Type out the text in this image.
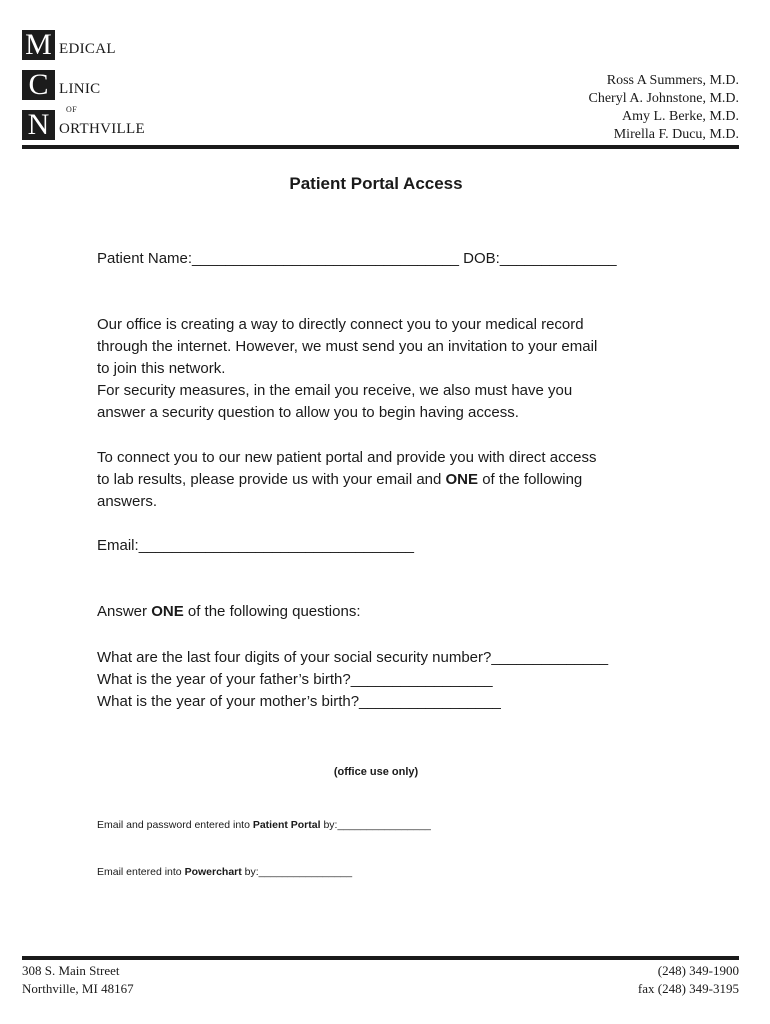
M EDICAL
C LINIC
OF
N ORTHVILLE
Ross A Summers, M.D.
Cheryl A. Johnstone, M.D.
Amy L. Berke, M.D.
Mirella F. Ducu, M.D.
Patient Portal Access
Patient Name:________________________________ DOB:______________
Our office is creating a way to directly connect you to your medical record
through the internet. However, we must send you an invitation to your email
to join this network.
For security measures, in the email you receive, we also must have you
answer a security question to allow you to begin having access.
To connect you to our new patient portal and provide you with direct access
to lab results, please provide us with your email and ONE of the following
answers.
Email:_________________________________
Answer ONE of the following questions:
What are the last four digits of your social security number?______________
What is the year of your father’s birth?_________________
What is the year of your mother’s birth?_________________
(office use only)
Email and password entered into Patient Portal by:________________
Email entered into Powerchart by:________________
308 S. Main Street
Northville, MI 48167
(248) 349-1900
fax (248) 349-3195
